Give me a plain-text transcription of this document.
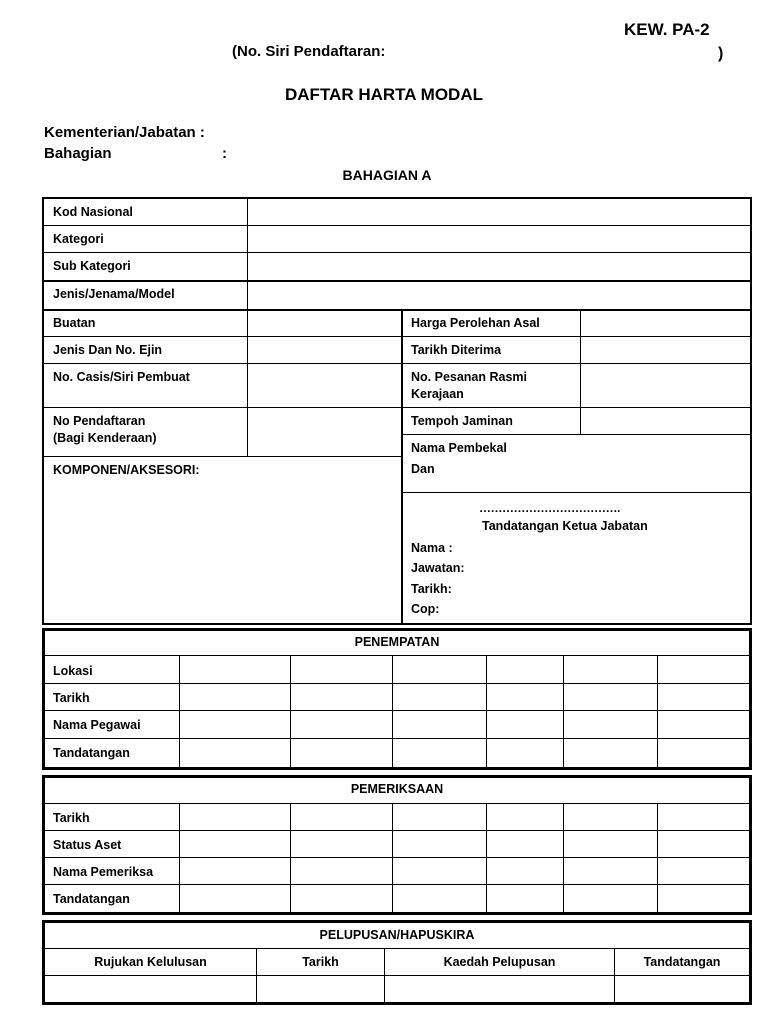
KEW. PA-2
(No. Siri Pendaftaran:	)
DAFTAR HARTA MODAL
Kementerian/Jabatan :
Bahagian	:
BAHAGIAN A
Kod Nasional
Kategori
Sub Kategori
Jenis/Jenama/Model
Buatan
Jenis Dan No. Ejin
No. Casis/Siri Pembuat
No Pendaftaran
(Bagi Kenderaan)
KOMPONEN/AKSESORI:
Harga Perolehan Asal
Tarikh Diterima
No. Pesanan Rasmi
Kerajaan
Tempoh Jaminan
Nama Pembekal
Dan
……………………………….
Tandatangan Ketua Jabatan
Nama :
Jawatan:
Tarikh:
Cop:
PENEMPATAN
Lokasi
Tarikh
Nama Pegawai
Tandatangan
PEMERIKSAAN
Tarikh
Status Aset
Nama Pemeriksa
Tandatangan
PELUPUSAN/HAPUSKIRA
Rujukan Kelulusan	Tarikh	Kaedah Pelupusan	Tandatangan
